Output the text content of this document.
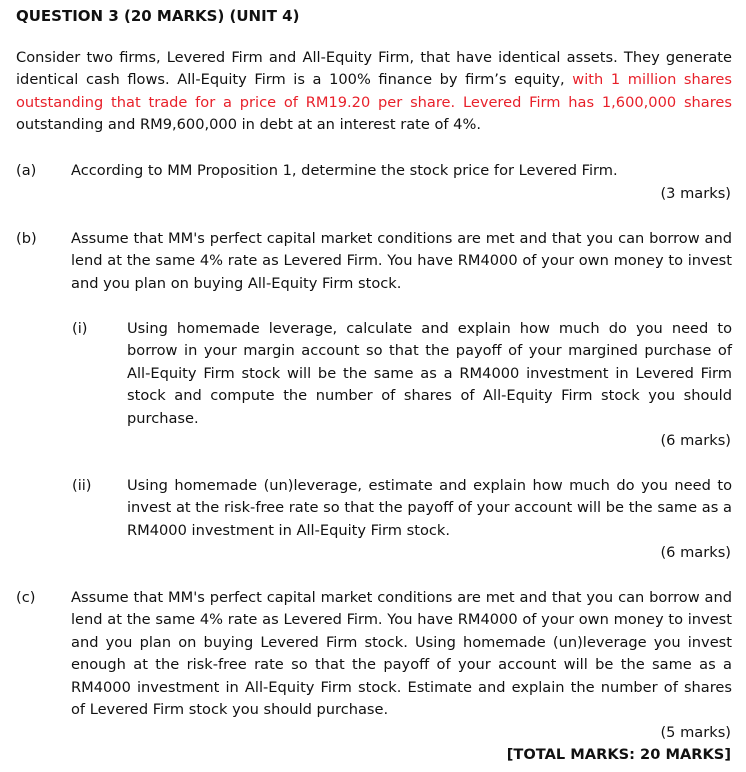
QUESTION 3 (20 MARKS) (UNIT 4)
Consider two firms, Levered Firm and All-Equity Firm, that have identical assets. They generate identical cash flows. All-Equity Firm is a 100% finance by firm’s equity, with 1 million shares outstanding that trade for a price of RM19.20 per share. Levered Firm has 1,600,000 shares outstanding and RM9,600,000 in debt at an interest rate of 4%.
(a) According to MM Proposition 1, determine the stock price for Levered Firm.
(3 marks)
(b) Assume that MM's perfect capital market conditions are met and that you can borrow and lend at the same 4% rate as Levered Firm. You have RM4000 of your own money to invest and you plan on buying All-Equity Firm stock.
(i)	Using homemade leverage, calculate and explain how much do you need to borrow in your margin account so that the payoff of your margined purchase of All-Equity Firm stock will be the same as a RM4000 investment in Levered Firm stock and compute the number of shares of All-Equity Firm stock you should purchase.
(6 marks)
(ii) Using homemade (un)leverage, estimate and explain how much do you need to invest at the risk-free rate so that the payoff of your account will be the same as a RM4000 investment in All-Equity Firm stock.
(6 marks)
(c) Assume that MM's perfect capital market conditions are met and that you can borrow and lend at the same 4% rate as Levered Firm. You have RM4000 of your own money to invest and you plan on buying Levered Firm stock. Using homemade (un)leverage you invest enough at the risk-free rate so that the payoff of your account will be the same as a RM4000 investment in All-Equity Firm stock. Estimate and explain the number of shares of Levered Firm stock you should purchase.
(5 marks)
[TOTAL MARKS: 20 MARKS]
